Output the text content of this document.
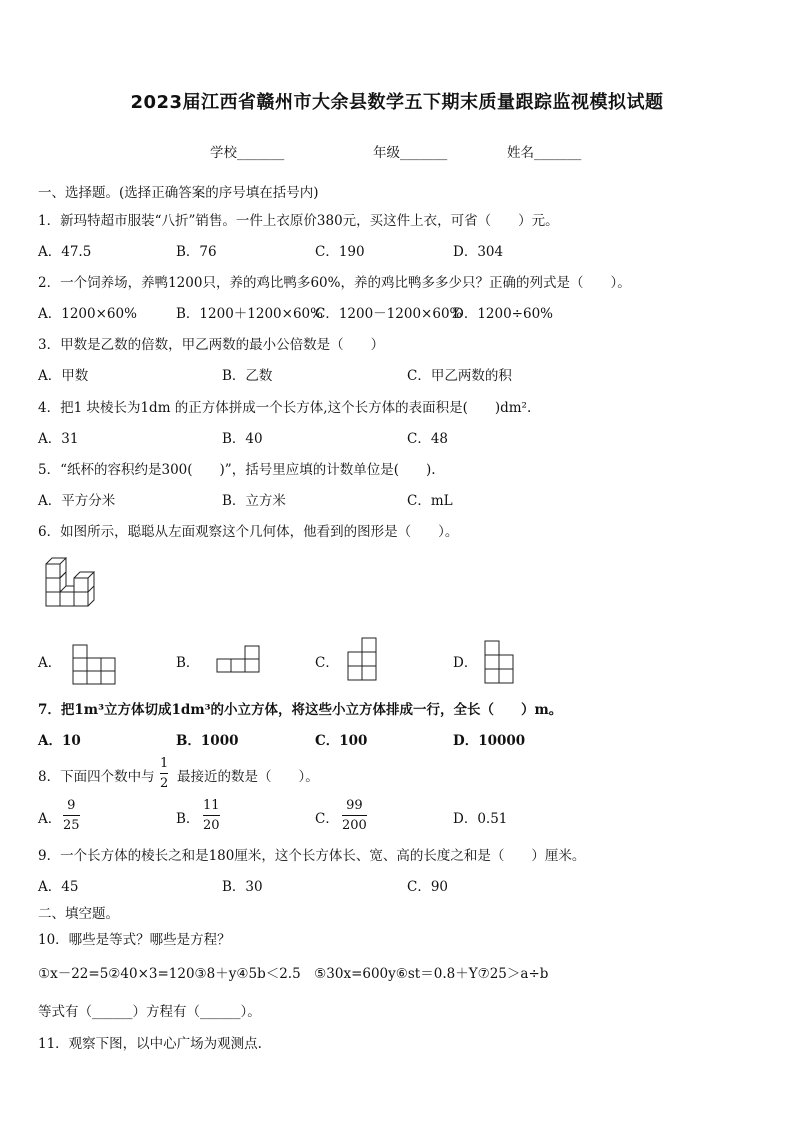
2023届江西省赣州市大余县数学五下期末质量跟踪监视模拟试题
学校_______	年级_______	姓名_______
一、选择题。(选择正确答案的序号填在括号内)
1．新玛特超市服装“八折”销售。一件上衣原价380元，买这件上衣，可省（　　）元。
A．47.5	B．76	C．190	D．304
2．一个饲养场，养鸭1200只，养的鸡比鸭多60%，养的鸡比鸭多多少只？正确的列式是（　　）。
A．1200×60%	B．1200＋1200×60%
C．1200－1200×60%
D．1200÷60%
3．甲数是乙数的倍数，甲乙两数的最小公倍数是（　　）
A．甲数	B．乙数	C．甲乙两数的积
4．把1 块棱长为1dm 的正方体拼成一个长方体,这个长方体的表面积是(　　)dm².
A．31	B．40	C．48
5．“纸杯的容积约是300(　　)”，括号里应填的计数单位是(　　).
A．平方分米	B．立方米	C．mL
6．如图所示，聪聪从左面观察这个几何体，他看到的图形是（　　）。
A．	B．	C．	D．
7．把1m³立方体切成1dm³的小立方体，将这些小立方体排成一行，全长（　　）m。
A．10	B．1000	C．100	D．10000
8．下面四个数中与
1
2 最接近的数是（　　）。
A．
9
25	B．
11
20	C．
99
200	D．0.51
9．一个长方体的棱长之和是180厘米，这个长方体长、宽、高的长度之和是（　　）厘米。
A．45	B．30	C．90
二、填空题。
10．哪些是等式？哪些是方程？
①x－22=5②40×3=120③8＋y④5b＜2.5　⑤30x=600y⑥st＝0.8＋Y⑦25＞a÷b
等式有（______）方程有（______）。
11．观察下图，以中心广场为观测点.
